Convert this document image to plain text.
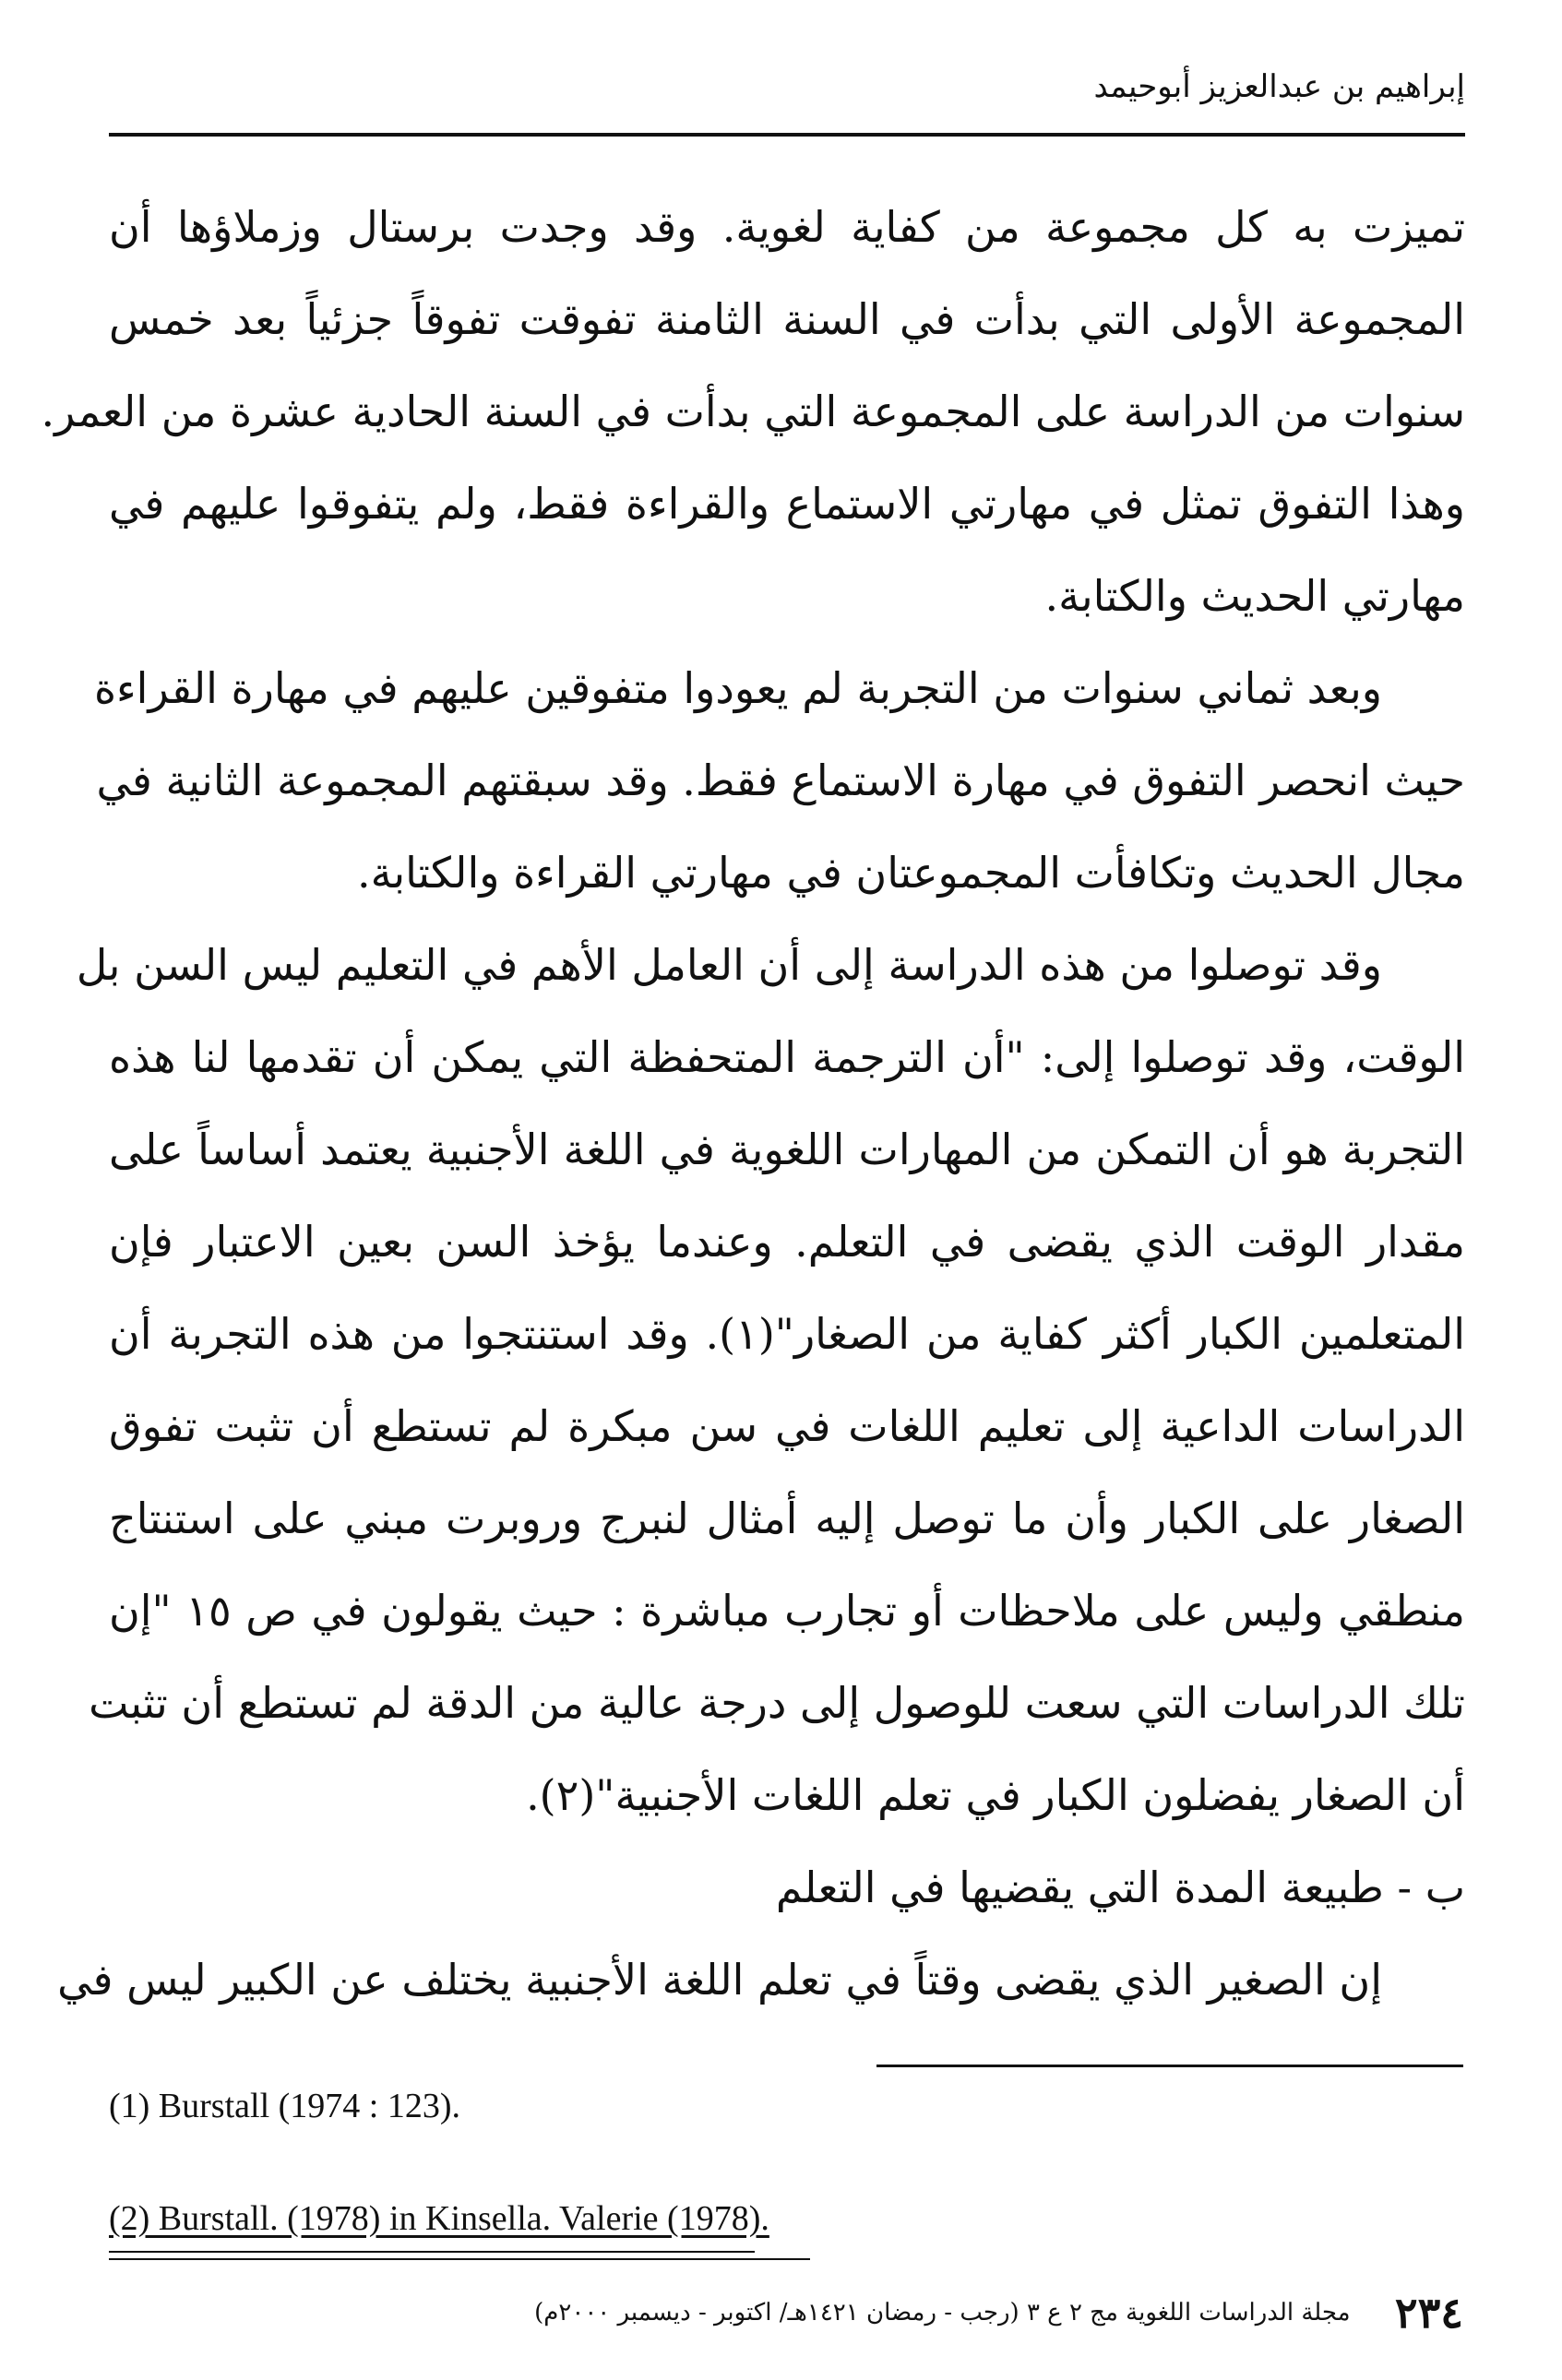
إبراهيم بن عبدالعزيز أبوحيمد
تميزت به كل مجموعة من كفاية لغوية. وقد وجدت برستال وزملاؤها أن
المجموعة الأولى التي بدأت في السنة الثامنة تفوقت تفوقاً جزئياً بعد خمس
سنوات من الدراسة على المجموعة التي بدأت في السنة الحادية عشرة من العمر.
وهذا التفوق تمثل في مهارتي الاستماع والقراءة فقط، ولم يتفوقوا عليهم في
مهارتي الحديث والكتابة.
وبعد ثماني سنوات من التجربة لم يعودوا متفوقين عليهم في مهارة القراءة
حيث انحصر التفوق في مهارة الاستماع فقط. وقد سبقتهم المجموعة الثانية في
مجال الحديث وتكافأت المجموعتان في مهارتي القراءة والكتابة.
وقد توصلوا من هذه الدراسة إلى أن العامل الأهم في التعليم ليس السن بل
الوقت، وقد توصلوا إلى: "أن الترجمة المتحفظة التي يمكن أن تقدمها لنا هذه
التجربة هو أن التمكن من المهارات اللغوية في اللغة الأجنبية يعتمد أساساً على
مقدار الوقت الذي يقضى في التعلم. وعندما يؤخذ السن بعين الاعتبار فإن
المتعلمين الكبار أكثر كفاية من الصغار"(١). وقد استنتجوا من هذه التجربة أن
الدراسات الداعية إلى تعليم اللغات في سن مبكرة لم تستطع أن تثبت تفوق
الصغار على الكبار وأن ما توصل إليه أمثال لنبرج وروبرت مبني على استنتاج
منطقي وليس على ملاحظات أو تجارب مباشرة : حيث يقولون في ص ١٥ "إن
تلك الدراسات التي سعت للوصول إلى درجة عالية من الدقة لم تستطع أن تثبت
أن الصغار يفضلون الكبار في تعلم اللغات الأجنبية"(٢).
ب - طبيعة المدة التي يقضيها في التعلم
إن الصغير الذي يقضى وقتاً في تعلم اللغة الأجنبية يختلف عن الكبير ليس في
(1) Burstall (1974 : 123).
(2) Burstall. (1978) in Kinsella. Valerie (1978).
٢٣٤ مجلة الدراسات اللغوية مج ٢ ع ٣ (رجب - رمضان ١٤٢١هـ/ اكتوبر - ديسمبر ٢٠٠٠م)
